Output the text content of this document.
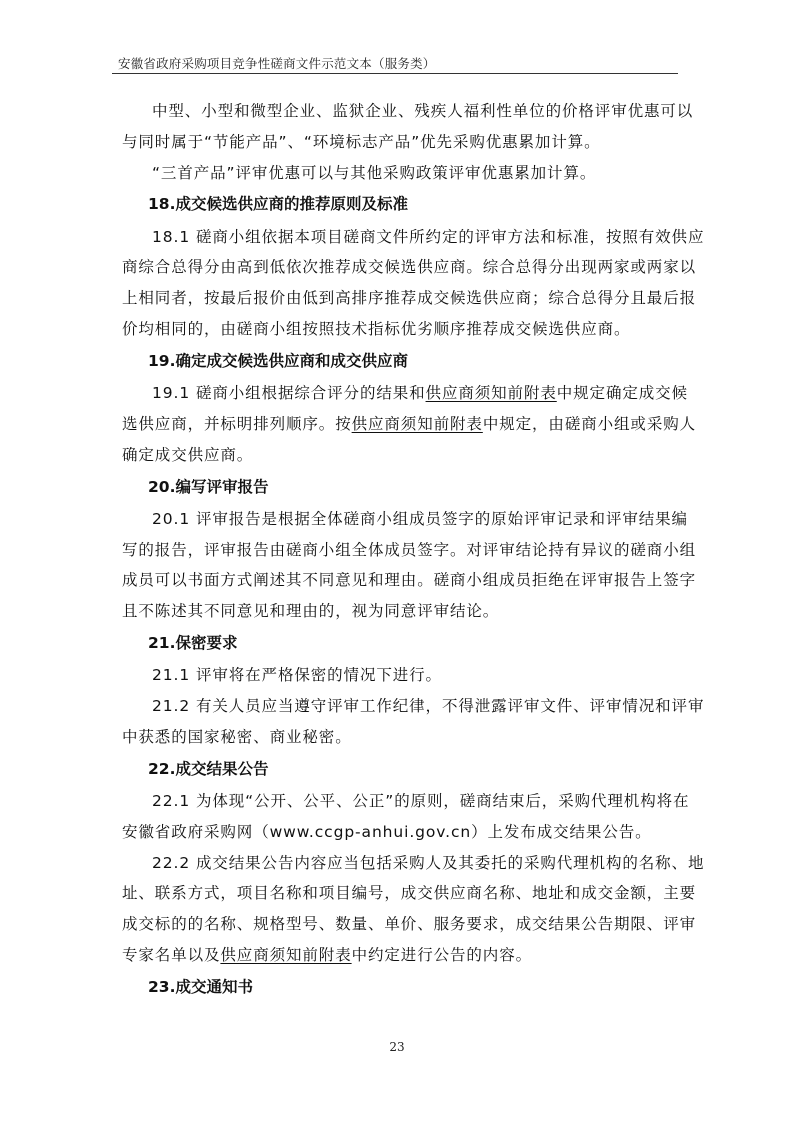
安徽省政府采购项目竞争性磋商文件示范文本（服务类）
中型、小型和微型企业、监狱企业、残疾人福利性单位的价格评审优惠可以
与同时属于“节能产品”、“环境标志产品”优先采购优惠累加计算。
“三首产品”评审优惠可以与其他采购政策评审优惠累加计算。
18.成交候选供应商的推荐原则及标准
18.1 磋商小组依据本项目磋商文件所约定的评审方法和标准，按照有效供应
商综合总得分由高到低依次推荐成交候选供应商。综合总得分出现两家或两家以
上相同者，按最后报价由低到高排序推荐成交候选供应商；综合总得分且最后报
价均相同的，由磋商小组按照技术指标优劣顺序推荐成交候选供应商。
19.确定成交候选供应商和成交供应商
19.1 磋商小组根据综合评分的结果和供应商须知前附表中规定确定成交候
选供应商，并标明排列顺序。按供应商须知前附表中规定，由磋商小组或采购人
确定成交供应商。
20.编写评审报告
20.1 评审报告是根据全体磋商小组成员签字的原始评审记录和评审结果编
写的报告，评审报告由磋商小组全体成员签字。对评审结论持有异议的磋商小组
成员可以书面方式阐述其不同意见和理由。磋商小组成员拒绝在评审报告上签字
且不陈述其不同意见和理由的，视为同意评审结论。
21.保密要求
21.1 评审将在严格保密的情况下进行。
21.2 有关人员应当遵守评审工作纪律，不得泄露评审文件、评审情况和评审
中获悉的国家秘密、商业秘密。
22.成交结果公告
22.1 为体现“公开、公平、公正”的原则，磋商结束后，采购代理机构将在
安徽省政府采购网（www.ccgp-anhui.gov.cn）上发布成交结果公告。
22.2 成交结果公告内容应当包括采购人及其委托的采购代理机构的名称、地
址、联系方式，项目名称和项目编号，成交供应商名称、地址和成交金额，主要
成交标的的名称、规格型号、数量、单价、服务要求，成交结果公告期限、评审
专家名单以及供应商须知前附表中约定进行公告的内容。
23.成交通知书
23
